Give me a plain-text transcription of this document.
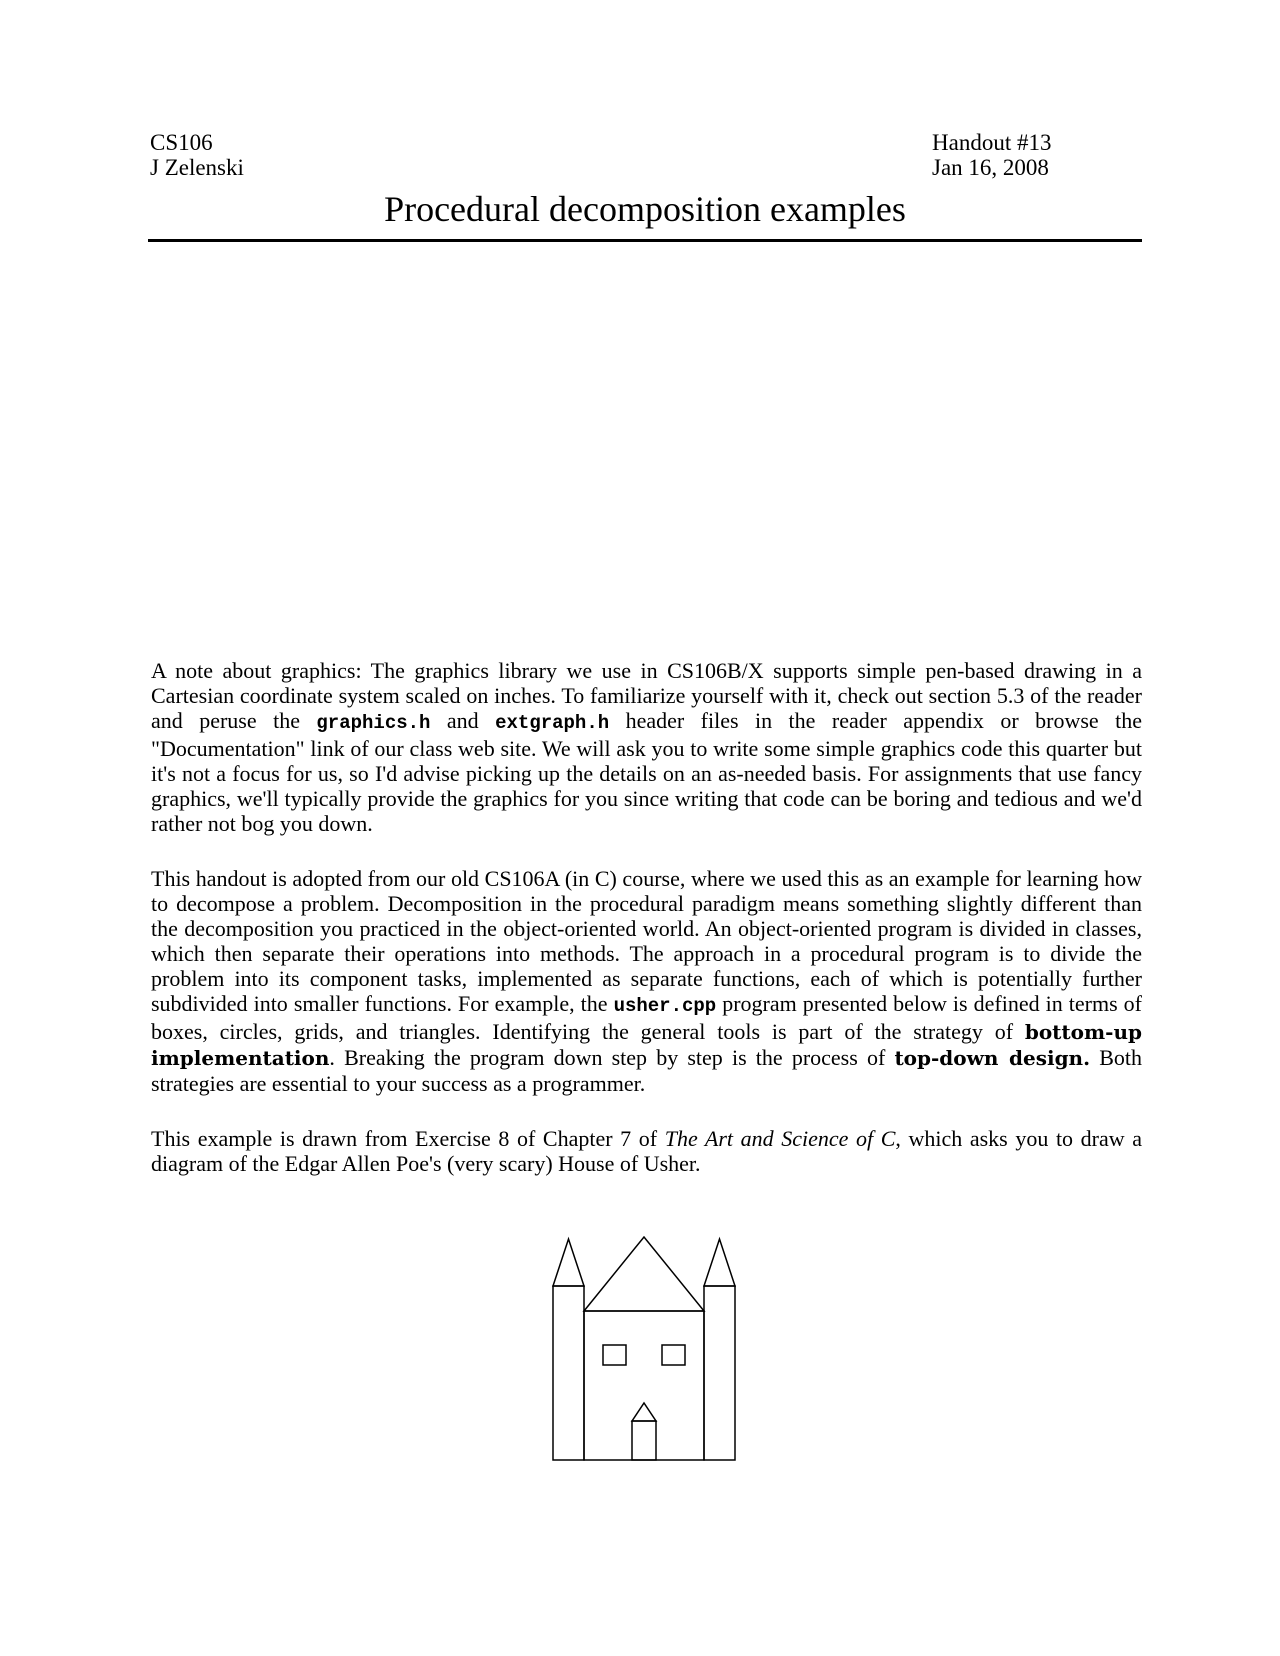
CS106
J Zelenski
Handout #13
Jan 16, 2008
Procedural decomposition examples

A note about graphics: The graphics library we use in CS106B/X supports simple pen-based drawing in a Cartesian coordinate system scaled on inches. To familiarize yourself with it, check out section 5.3 of the reader and peruse the graphics.h and extgraph.h header files in the reader appendix or browse the "Documentation" link of our class web site. We will ask you to write some simple graphics code this quarter but it's not a focus for us, so I'd advise picking up the details on an as-needed basis. For assignments that use fancy graphics, we'll typically provide the graphics for you since writing that code can be boring and tedious and we'd rather not bog you down.

This handout is adopted from our old CS106A (in C) course, where we used this as an example for learning how to decompose a problem. Decomposition in the procedural paradigm means something slightly different than the decomposition you practiced in the object-oriented world. An object-oriented program is divided in classes, which then separate their operations into methods. The approach in a procedural program is to divide the problem into its component tasks, implemented as separate functions, each of which is potentially further subdivided into smaller functions. For example, the usher.cpp program presented below is defined in terms of boxes, circles, grids, and triangles. Identifying the general tools is part of the strategy of bottom-up implementation. Breaking the program down step by step is the process of top-down design. Both strategies are essential to your success as a programmer.

This example is drawn from Exercise 8 of Chapter 7 of The Art and Science of C, which asks you to draw a diagram of the Edgar Allen Poe's (very scary) House of Usher.
